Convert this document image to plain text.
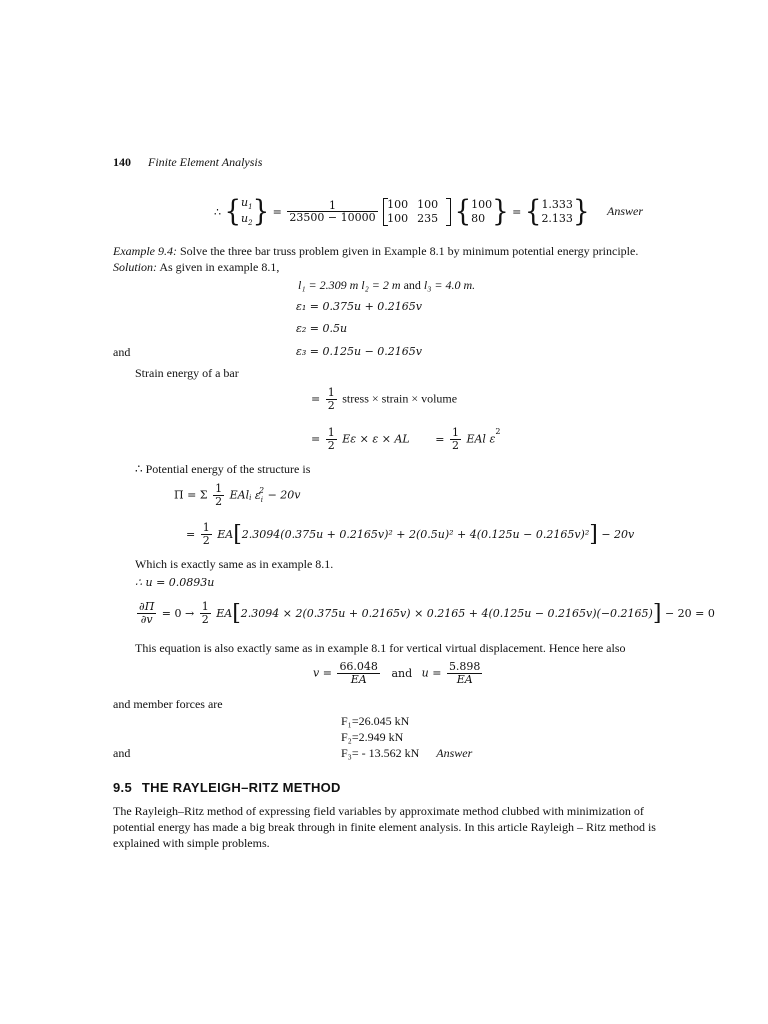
140 Finite Element Analysis
∴ { $u_1$
$u_2$ } = $\frac{1}{23500 - 10000}$
100 100
100 235 { 100
80 } = { 1.333
2.133 } Answer
Example 9.4: Solve the three bar truss problem given in Example 8.1 by minimum potential energy principle.
Solution: As given in example 8.1,
l₁ = 2.309 m l₂ = 2 m and l₃ = 4.0 m.
ε₁ = 0.375u + 0.2165v
ε₂ = 0.5u
and	ε₃ = 0.125u − 0.2165v
Strain energy of a bar
= $\frac{1}{2}$ stress × strain × volume
= $\frac{1}{2}$ Eε × ε × AL = $\frac{1}{2}$ EAl $\varepsilon^2$
∴ Potential energy of the structure is
Π = Σ $\frac{1}{2} EAl_i$ $\varepsilon_i^2 - 20v$
= $\frac{1}{2} EA[2.3094(0.375u + 0.2165v)^2 + 2(0.5u)^2 + 4(0.125u - 0.2165v)^2] - 20v$
Which is exactly same as in example 8.1.
∴ u = 0.0893u
$\frac{\partial\Pi}{\partial v} = 0 \to \frac{1}{2} EA[2.3094 \times 2(0.375u + 0.2165v) \times 0.2165 + 4(0.125u - 0.2165v)(-0.2165)] - 20 = 0$
This equation is also exactly same as in example 8.1 for vertical virtual displacement. Hence here also
$v = \frac{66.048}{EA}$ and $u = \frac{5.898}{EA}$
and member forces are
F₁=26.045 kN
F₂=2.949 kN
and	F₃= - 13.562 kN Answer
9.5 THE RAYLEIGH–RITZ METHOD
The Rayleigh–Ritz method of expressing field variables by approximate method clubbed with minimization of potential energy has made a big break through in finite element analysis. In this article Rayleigh – Ritz method is explained with simple problems.
